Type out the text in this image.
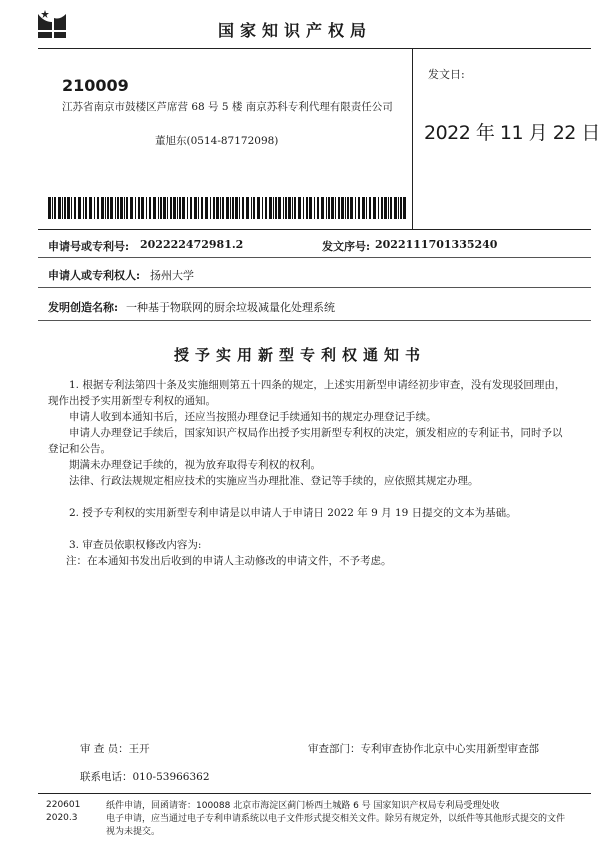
国家知识产权局
210009
江苏省南京市鼓楼区芦席营 68 号 5 楼 南京苏科专利代理有限责任公司
董旭东(0514-87172098)
发文日:
2022 年 11 月 22 日
申请号或专利号: 202222472981.2	发文序号: 2022111701335240
申请人或专利权人: 扬州大学
发明创造名称: 一种基于物联网的厨余垃圾减量化处理系统
授予实用新型专利权通知书
1. 根据专利法第四十条及实施细则第五十四条的规定，上述实用新型申请经初步审查，没有发现驳回理由，现作出授予实用新型专利权的通知。
申请人收到本通知书后，还应当按照办理登记手续通知书的规定办理登记手续。
申请人办理登记手续后，国家知识产权局作出授予实用新型专利权的决定，颁发相应的专利证书，同时予以登记和公告。
期满未办理登记手续的，视为放弃取得专利权的权利。
法律、行政法规规定相应技术的实施应当办理批准、登记等手续的，应依照其规定办理。
2. 授予专利权的实用新型专利申请是以申请人于申请日 2022 年 9 月 19 日提交的文本为基础。
3. 审查员依职权修改内容为:
注：在本通知书发出后收到的申请人主动修改的申请文件，不予考虑。
审 查 员：王开	审查部门：专利审查协作北京中心实用新型审查部
联系电话：010-53966362
220601
2020.3
纸件申请，回函请寄：100088 北京市海淀区蓟门桥西土城路 6 号 国家知识产权局专利局受理处收
电子申请，应当通过电子专利申请系统以电子文件形式提交相关文件。除另有规定外，以纸件等其他形式提交的文件视为未提交。
